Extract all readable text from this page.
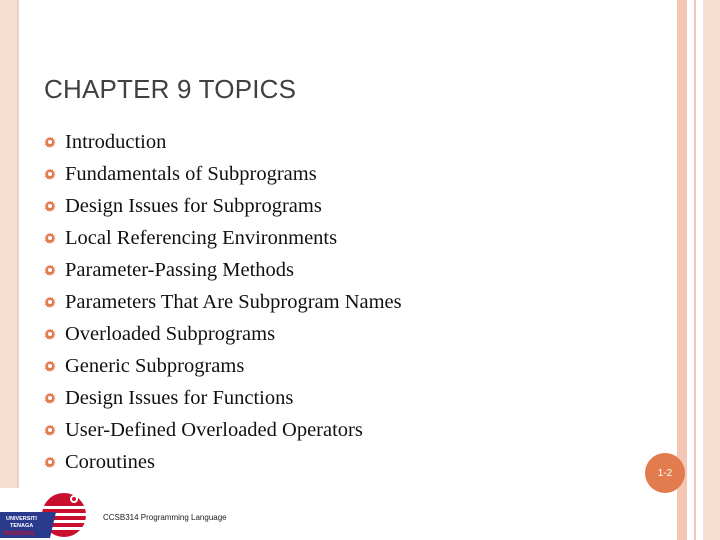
CHAPTER 9 TOPICS
Introduction
Fundamentals of Subprograms
Design Issues for Subprograms
Local Referencing Environments
Parameter-Passing Methods
Parameters That Are Subprogram Names
Overloaded Subprograms
Generic Subprograms
Design Issues for Functions
User-Defined Overloaded Operators
Coroutines	1-2
UNIVERSITI
TENAGA
NASIONAL
CCSB314 Programming Language
